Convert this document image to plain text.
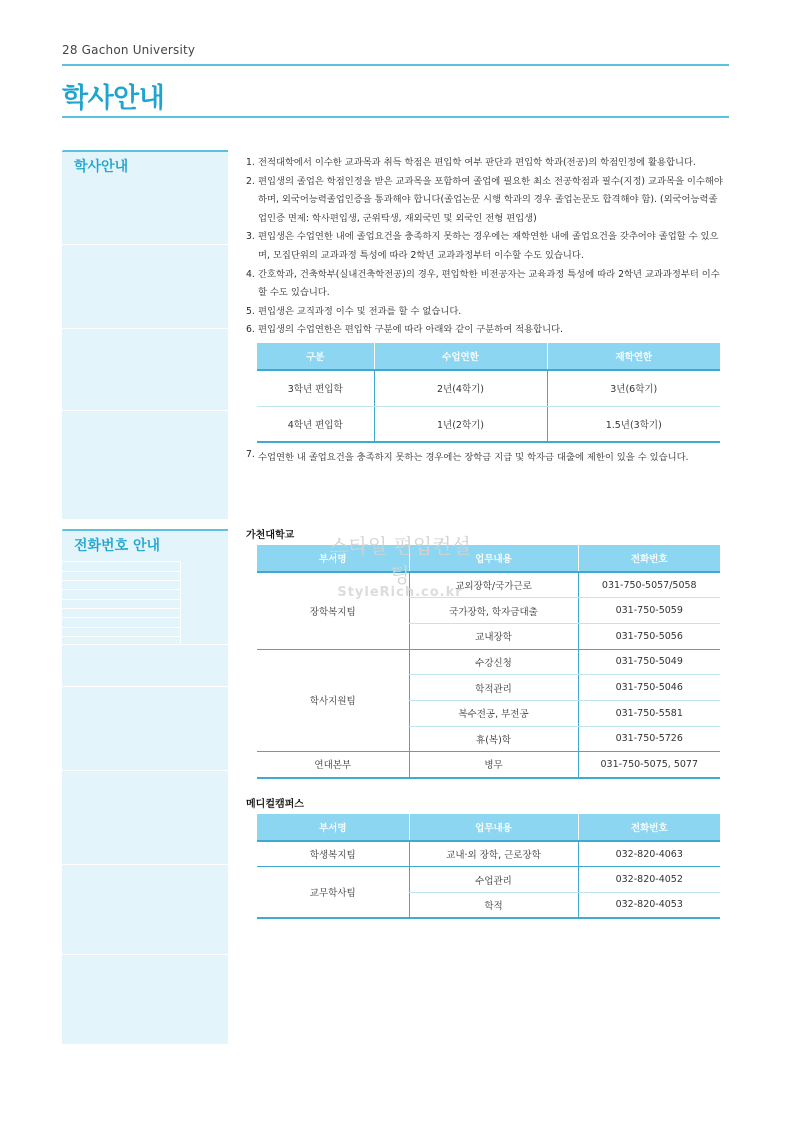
28 Gachon University
학사안내
학사안내
전화번호 안내
1. 전적대학에서 이수한 교과목과 취득 학점은 편입학 여부 판단과 편입학 학과(전공)의 학점인정에 활용합니다.
2. 편입생의 졸업은 학점인정을 받은 교과목을 포함하여 졸업에 필요한 최소 전공학점과 필수(지정) 교과목을 이수해야 하며, 외국어능력졸업인증을 통과해야 합니다(졸업논문 시행 학과의 경우 졸업논문도 합격해야 함). (외국어능력졸업인증 면제: 학사편입생, 군위탁생, 재외국민 및 외국인 전형 편입생)
3. 편입생은 수업연한 내에 졸업요건을 충족하지 못하는 경우에는 재학연한 내에 졸업요건을 갖추어야 졸업할 수 있으며, 모집단위의 교과과정 특성에 따라 2학년 교과과정부터 이수할 수도 있습니다.
4. 간호학과, 건축학부(실내건축학전공)의 경우, 편입학한 비전공자는 교육과정 특성에 따라 2학년 교과과정부터 이수할 수도 있습니다.
5. 편입생은 교직과정 이수 및 전과를 할 수 없습니다.
6. 편입생의 수업연한은 편입학 구분에 따라 아래와 같이 구분하여 적용합니다.
구분	수업연한	재학연한
3학년 편입학	2년(4학기)	3년(6학기)
4학년 편입학	1년(2학기)	1.5년(3학기)
7. 수업연한 내 졸업요건을 충족하지 못하는 경우에는 장학금 지급 및 학자금 대출에 제한이 있을 수 있습니다.
가천대학교
부서명	업무내용	전화번호
장학복지팀	교외장학/국가근로	031-750-5057/5058
	국가장학, 학자금대출	031-750-5059
	교내장학	031-750-5056
학사지원팀	수강신청	031-750-5049
	학적관리	031-750-5046
	복수전공, 부전공	031-750-5581
	휴(복)학	031-750-5726
연대본부	병무	031-750-5075, 5077
스타일 편입컨설팅
StyleRich.co.kr
메디컬캠퍼스
부서명	업무내용	전화번호
학생복지팀	교내·외 장학, 근로장학	032-820-4063
교무학사팀	수업관리	032-820-4052
	학적	032-820-4053
